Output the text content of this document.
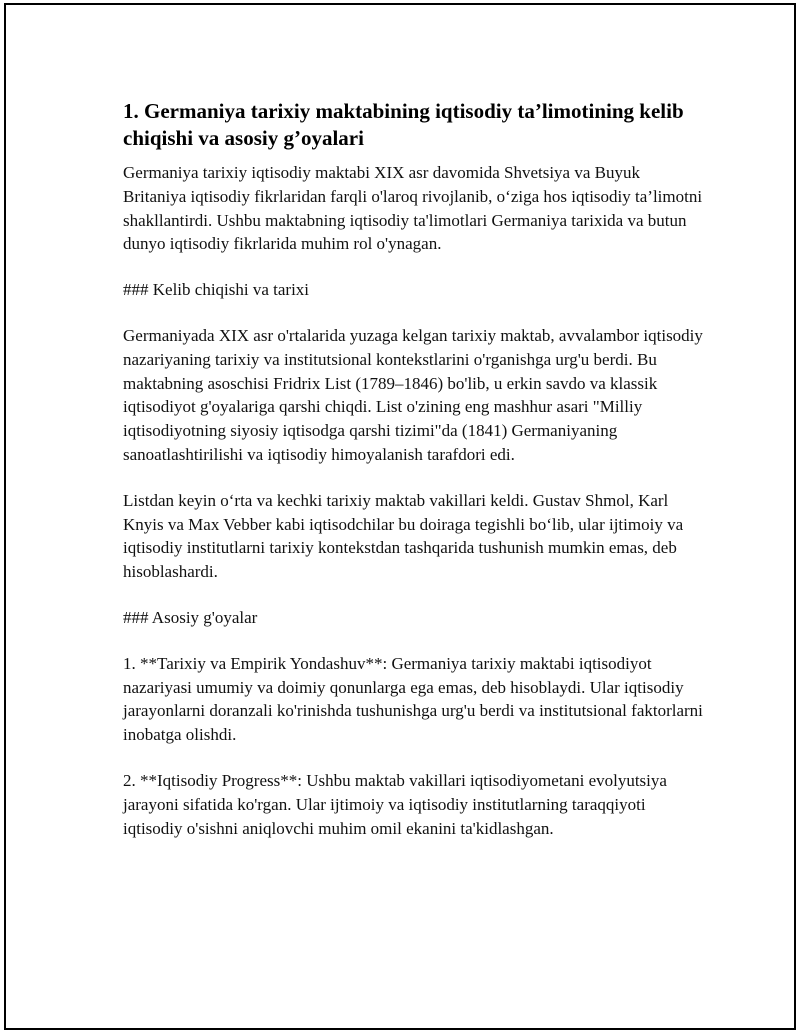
1. Germaniya tarixiy maktabining iqtisodiy ta’limotining kelib chiqishi va asosiy g’oyalari

Germaniya tarixiy iqtisodiy maktabi XIX asr davomida Shvetsiya va Buyuk Britaniya iqtisodiy fikrlaridan farqli o'laroq rivojlanib, o‘ziga hos iqtisodiy ta’limotni shakllantirdi. Ushbu maktabning iqtisodiy ta'limotlari Germaniya tarixida va butun dunyo iqtisodiy fikrlarida muhim rol o'ynagan.

### Kelib chiqishi va tarixi

Germaniyada XIX asr o'rtalarida yuzaga kelgan tarixiy maktab, avvalambor iqtisodiy nazariyaning tarixiy va institutsional kontekstlarini o'rganishga urg'u berdi. Bu maktabning asoschisi Fridrix List (1789–1846) bo'lib, u erkin savdo va klassik iqtisodiyot g'oyalariga qarshi chiqdi. List o'zining eng mashhur asari "Milliy iqtisodiyotning siyosiy iqtisodga qarshi tizimi"da (1841) Germaniyaning sanoatlashtirilishi va iqtisodiy himoyalanish tarafdori edi.

Listdan keyin o‘rta va kechki tarixiy maktab vakillari keldi. Gustav Shmol, Karl Knyis va Max Vebber kabi iqtisodchilar bu doiraga tegishli bo‘lib, ular ijtimoiy va iqtisodiy institutlarni tarixiy kontekstdan tashqarida tushunish mumkin emas, deb hisoblashardi.

### Asosiy g'oyalar

1. **Tarixiy va Empirik Yondashuv**: Germaniya tarixiy maktabi iqtisodiyot nazariyasi umumiy va doimiy qonunlarga ega emas, deb hisoblaydi. Ular iqtisodiy jarayonlarni doranzali ko'rinishda tushunishga urg'u berdi va institutsional faktorlarni inobatga olishdi.

2. **Iqtisodiy Progress**: Ushbu maktab vakillari iqtisodiyometani evolyutsiya jarayoni sifatida ko'rgan. Ular ijtimoiy va iqtisodiy institutlarning taraqqiyoti iqtisodiy o'sishni aniqlovchi muhim omil ekanini ta'kidlashgan.
